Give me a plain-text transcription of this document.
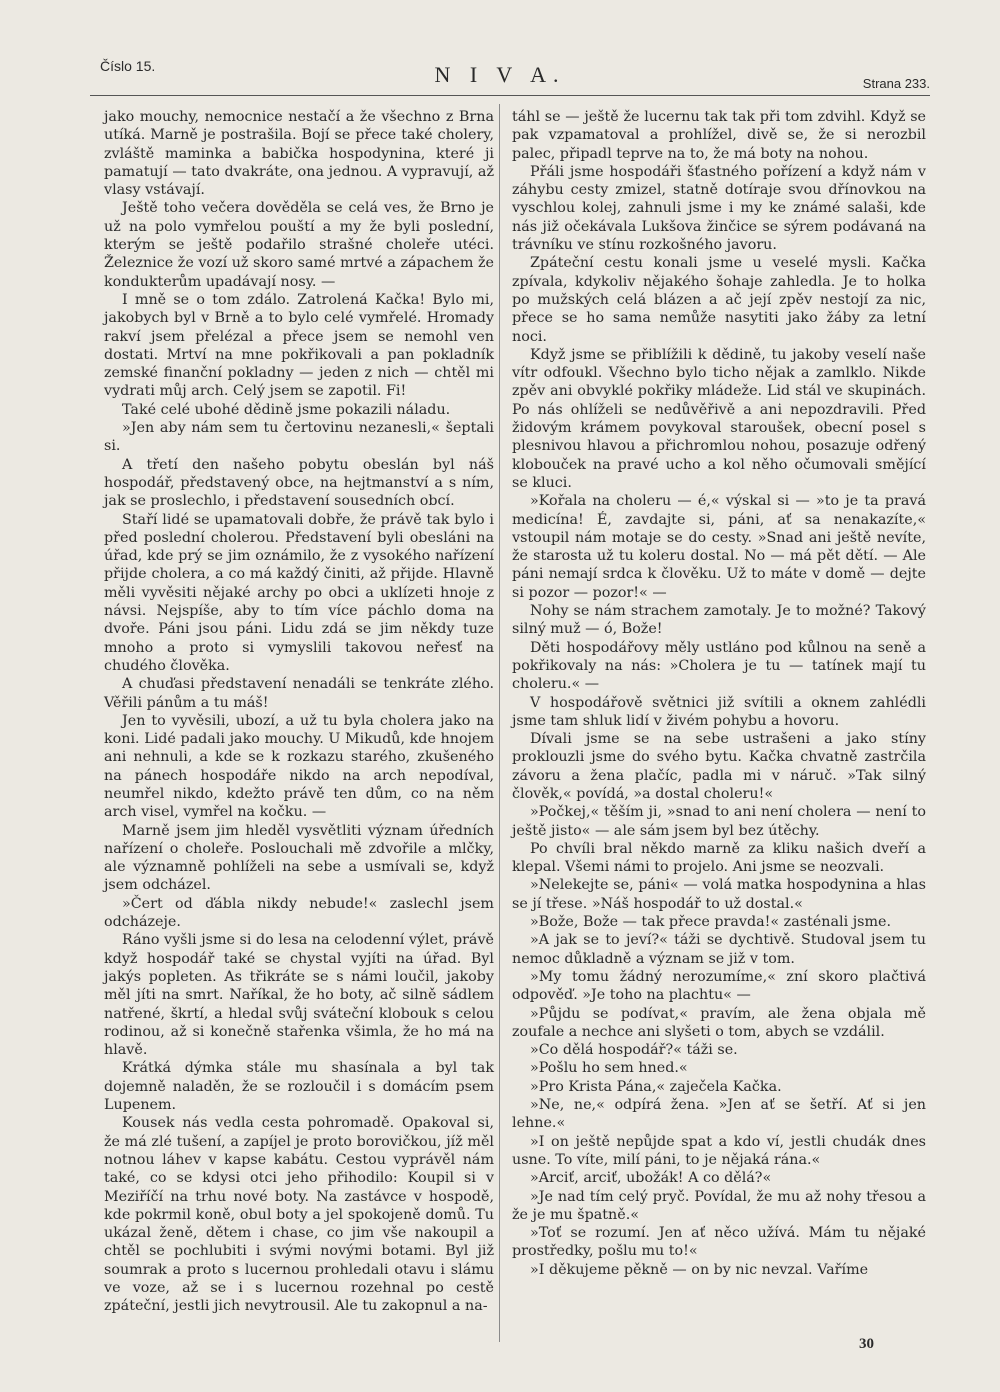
Číslo 15.	N I V A.	Strana 233.

jako mouchy, nemocnice nestačí a že všechno z Brna utíká. Marně je postrašila. Bojí se přece také cholery, zvláště maminka a babička hospodynina, které ji pamatují — tato dvakráte, ona jednou. A vypravují, až vlasy vstávají.

Ještě toho večera dověděla se celá ves, že Brno je už na polo vymřelou pouští a my že byli poslední, kterým se ještě podařilo strašné choleře utéci. Železnice že vozí už skoro samé mrtvé a zápachem že kondukterům upadávají nosy. —

I mně se o tom zdálo. Zatrolená Kačka! Bylo mi, jakobych byl v Brně a to bylo celé vymřelé. Hromady rakví jsem přelézal a přece jsem se nemohl ven dostati. Mrtví na mne pokřikovali a pan pokladník zemské finanční pokladny — jeden z nich — chtěl mi vydrati můj arch. Celý jsem se zapotil. Fi!

Také celé ubohé dědině jsme pokazili náladu.

»Jen aby nám sem tu čertovinu nezanesli,« šeptali si.

A třetí den našeho pobytu obeslán byl náš hospodář, představený obce, na hejtmanství a s ním, jak se proslechlo, i představení sousedních obcí.

Staří lidé se upamatovali dobře, že právě tak bylo i před poslední cholerou. Představení byli obesláni na úřad, kde prý se jim oznámilo, že z vysokého nařízení přijde cholera, a co má každý činiti, až přijde. Hlavně měli vyvěsiti nějaké archy po obci a uklízeti hnoje z návsi. Nejspíše, aby to tím více páchlo doma na dvoře. Páni jsou páni. Lidu zdá se jim někdy tuze mnoho a proto si vymyslili takovou neřesť na chudého člověka.

A chuďasi představení nenadáli se tenkráte zlého. Věřili pánům a tu máš!

Jen to vyvěsili, ubozí, a už tu byla cholera jako na koni. Lidé padali jako mouchy. U Mikudů, kde hnojem ani nehnuli, a kde se k rozkazu starého, zkušeného na pánech hospodáře nikdo na arch nepodíval, neumřel nikdo, kdežto právě ten dům, co na něm arch visel, vymřel na kočku. —

Marně jsem jim hleděl vysvětliti význam úředních nařízení o choleře. Poslouchali mě zdvořile a mlčky, ale významně pohlíželi na sebe a usmívali se, když jsem odcházel.

»Čert od ďábla nikdy nebude!« zaslechl jsem odcházeje.

Ráno vyšli jsme si do lesa na celodenní výlet, právě když hospodář také se chystal vyjíti na úřad. Byl jakýs popleten. As třikráte se s námi loučil, jakoby měl jíti na smrt. Naříkal, že ho boty, ač silně sádlem natřené, škrtí, a hledal svůj sváteční klobouk s celou rodinou, až si konečně stařenka všimla, že ho má na hlavě.

Krátká dýmka stále mu shasínala a byl tak dojemně naladěn, že se rozloučil i s domácím psem Lupenem.

Kousek nás vedla cesta pohromadě. Opakoval si, že má zlé tušení, a zapíjel je proto borovičkou, jíž měl notnou láhev v kapse kabátu. Cestou vyprávěl nám také, co se kdysi otci jeho přihodilo: Koupil si v Meziříčí na trhu nové boty. Na zastávce v hospodě, kde pokrmil koně, obul boty a jel spokojeně domů. Tu ukázal ženě, dětem i chase, co jim vše nakoupil a chtěl se pochlubiti i svými novými botami. Byl již soumrak a proto s lucernou prohledali otavu i slámu ve voze, až se i s lucernou rozehnal po cestě zpáteční, jestli jich nevytrousil. Ale tu zakopnul a na-

táhl se — ještě že lucernu tak tak při tom zdvihl. Když se pak vzpamatoval a prohlížel, divě se, že si nerozbil palec, připadl teprve na to, že má boty na nohou.

Přáli jsme hospodáři šťastného pořízení a když nám v záhybu cesty zmizel, statně dotíraje svou dřínovkou na vyschlou kolej, zahnuli jsme i my ke známé salaši, kde nás již očekávala Lukšova žinčice se sýrem podávaná na trávníku ve stínu rozkošného javoru.

Zpáteční cestu konali jsme u veselé mysli. Kačka zpívala, kdykoliv nějakého šohaje zahledla. Je to holka po mužských celá blázen a ač její zpěv nestojí za nic, přece se ho sama nemůže nasytiti jako žáby za letní noci.

Když jsme se přiblížili k dědině, tu jakoby veselí naše vítr odfoukl. Všechno bylo ticho nějak a zamlklo. Nikde zpěv ani obvyklé pokřiky mládeže. Lid stál ve skupinách. Po nás ohlíželi se nedůvěřivě a ani nepozdravili. Před židovým krámem povykoval staroušek, obecní posel s plesnivou hlavou a přichromlou nohou, posazuje odřený klobouček na pravé ucho a kol něho očumovali smějící se kluci.

»Kořala na choleru — é,« výskal si — »to je ta pravá medicína! É, zavdajte si, páni, ať sa nenakazíte,« vstoupil nám motaje se do cesty. »Snad ani ještě nevíte, že starosta už tu koleru dostal. No — má pět dětí. — Ale páni nemají srdca k člověku. Už to máte v domě — dejte si pozor — pozor!« —

Nohy se nám strachem zamotaly. Je to možné? Takový silný muž — ó, Bože!

Děti hospodářovy měly ustláno pod kůlnou na seně a pokřikovaly na nás: »Cholera je tu — tatínek mají tu choleru.« —

V hospodářově světnici již svítili a oknem zahlédli jsme tam shluk lidí v živém pohybu a hovoru.

Dívali jsme se na sebe ustrašeni a jako stíny proklouzli jsme do svého bytu. Kačka chvatně zastrčila závoru a žena plačíc, padla mi v náruč. »Tak silný člověk,« povídá, »a dostal choleru!«

»Počkej,« těším ji, »snad to ani není cholera — není to ještě jisto« — ale sám jsem byl bez útěchy.

Po chvíli bral někdo marně za kliku našich dveří a klepal. Všemi námi to projelo. Ani jsme se neozvali.

»Nelekejte se, páni« — volá matka hospodynina a hlas se jí třese. »Náš hospodář to už dostal.«

»Bože, Bože — tak přece pravda!« zasténali jsme.

»A jak se to jeví?« táži se dychtivě. Studoval jsem tu nemoc důkladně a význam se již v tom.

»My tomu žádný nerozumíme,« zní skoro plačtivá odpověď. »Je toho na plachtu« —

»Půjdu se podívat,« pravím, ale žena objala mě zoufale a nechce ani slyšeti o tom, abych se vzdálil.

»Co dělá hospodář?« táži se.

»Pošlu ho sem hned.«

»Pro Krista Pána,« zaječela Kačka.

»Ne, ne,« odpírá žena. »Jen ať se šetří. Ať si jen lehne.«

»I on ještě nepůjde spat a kdo ví, jestli chudák dnes usne. To víte, milí páni, to je nějaká rána.«

»Arciť, arciť, ubožák! A co dělá?«

»Je nad tím celý pryč. Povídal, že mu až nohy třesou a že je mu špatně.«

»Toť se rozumí. Jen ať něco užívá. Mám tu nějaké prostředky, pošlu mu to!«

»I děkujeme pěkně — on by nic nevzal. Vaříme

30
